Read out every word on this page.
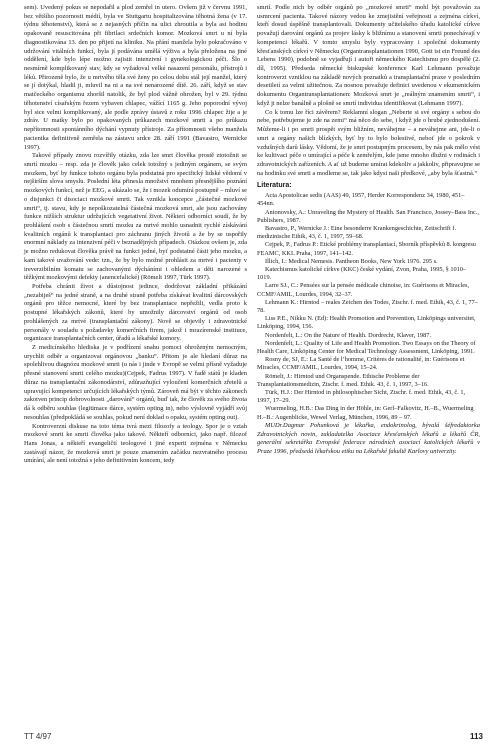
sem). Uvedený pokus se nepodařil a plod zemřel in utero. Ovšem již v červnu 1991, bez většího pozornosti médií, byla ve Stuttgartu hospitalizována těhotná žena (v 17. týdnu těhotenství), která se z nejasných příčin na ulici zhroutila a byla asi hodinu opakovaně resuscitována při fibrilaci srdečních komor. Mozková smrt u ní byla diagnostikována 13. den po přijetí na kliniku. Na přání manžela bylo pokračováno v udržování vitálních funkcí, byla jí podávána umělá výživa a byla přeložena na jiné oddělení, kde bylo lépe možno zajistit intenzivní i gynekologickou péči. Šlo o nesmírně komplikovaný stav, kdy se vyžadoval velké nasazení personálu, přístrojů i léků. Přirozeně bylo, že u mrtvého těla své ženy po celou dobu stál její manžel, který se jí dotýkal, hladil ji, mluvil na ni a na své nenarozené dítě. 26. září, když se stav matčeckého organismu zhoršil natolik, že byl plod vážně ohrožen, byl v 29. týdnu těhotenství císařským řezem vybaven chlapec, vážící 1165 g. Jeho poporodní vývoj byl sice velmi komplikovaný, ale podle zprávy ústavů z roku 1996 chlapec žije a je zdráv. U matky bylo po opakovaných průkazech mozkové smrti a po průkazu nepřítomnosti spontánního dýchání vypnuty přístroje. Za přítomnosti všeho manžela pacientka definitivně zemřela na zástavu srdce 28. září 1991 (Bavastro, Wernicke 1997).

Takové případy znovu rozvířily otázku, zda lze smrt člověka prostě ztotožnit se smrtí mozku – resp. zda je člověk jako celek totožný s jediným orgánem, se svým mozkem, byť by funkce tohoto orgánu byla podstatná pro specifický lidské vědomí v nejširším slova smyslu. Poslední léta přinesla množství mnohem přesnějšího poznání mozkových funkcí, než je EEG, a ukázalo se, že i mozek odumírá postupně – mluví se o disjunkci či disociaci mozkové smrti. Tak vznikla koncepce „částečné mozkové smrti“, tj. stavu, kdy je nepoškozatelná částečná mozková smrt, ale jsou zachovány funkce nižších struktur udržujících vegetativní život. Některí odborníci soudí, že by prohlášení osob s částečnou smrtí mozku za mrtvé mohlo usnadnit rychlé získávání kvalitních orgánů k transplantaci pro záchranu jiných životů a že by se uspořily enormní náklady za intenzivní péči v beznadějných případech. Otázkou ovšem je, zda je možno redukovat člověka právě na funkci jedné, byť podstatné části jeho mozku, a kam takové uvažování vede: tzn., že by bylo možné prohlásit za mrtvé i pacienty v ireverzibilním komatu se zachovanými dýcháními i ohledem a děti narozené s těžkými mozkovými defekty (anencefalické) (Römelt 1997, Türk 1997).

Potřeba chránit život a důstojnost jedince, dodržovat základní přikázání „nezabiješ“ na jedné straně, a na druhé straně potřeba získávat kvalitní dárcovských orgánů pro těžce nemocné, které by bez transplantace nepřežili, vedla proto k postupné lékařských zákonů, které by umožnily dárcovství orgánů od osob prohlášených za mrtvé (transplantační zákony). Nově se objevily i zdravotnické personály v souladu s požadavky komerčních firem, jakož i mrazírenské instituce, organizace transplantačních center, úřadů a lékařské komory.

Z medicínského hlediska je v podřízení snahu pomoci ohroženým nemocným, urychlit odběr a organizovat orgánovou „banku“. Přitom je ale hledaní důraz na spolehlivou diagnózu mozkové smrti (u nás i jinde v Evropě se velmi přísně vyžaduje přesné stanovení smrti celého mozku)(Cejpek, Fadrus 1997). V řadě států je kladen důraz na transplantační zákonodárství, zdůrazňující vyloučení komerčních zřetelů a upravující kompetenci určujících lékařských týmů. Zároveň má být v těchto zákonech zakotven princip dobrovolnosti „darování“ orgánů, buď tak, že člověk za svého života dá k odběru souhlas (legitimace dárce, systém opting in), nebo výslovně vyjádří svůj nesouhlas (předpokládá se souhlas, pokud není doklad o opaku, systém opting out).

Kontroverzní diskuse na toto téma tvrá mezi filozofy a teology. Spor je o vztah mozkové smrti ke smrti člověka jako takové. Někteří odborníci, jako např. filozof Hans Jonas, a někteří evangeličtí teologové i jiné experti zejména v Německu zastávají názor, že mozková smrt je pouze znamením začátku nezvratného procesu umírání, ale není totožná s jeho definitivním koncem, tedy

smrtí. Podle nich by odběr orgánů po „mozkové smrti“ mohl být považován za usmrcení pacienta. Takové názory vedou ke zmejistění veřejnosti a zejména církví, kteří dosud úspěšně transplantovali. Dokumenty učitelského úřadu katolické církve považují darování orgánů za projev lásky k bližnímu a stanovení smrti ponechávají v kompetenci lékařů. V tomto smyslu byly vypracovány i společné dokumenty křesťanských církví v Německu (Organtransplantationen 1990, Gott ist ein Freund des Lebens 1990), podobně se vyjadřují i autoři německého Katechismu pro dospělé (2. díl, 1995). Předseda německé biskupské konference Karl Lehmann považuje kontroverzi vzniklou na základě nových poznatků a transplantační praxe v posledním desetiletí za velmi užitečnou. Za nosnou považuje definici uvedenou v ekumenickém dokumentu Organtransplantationen: Mozková smrt je „reálným znamením smrti“, i když ji nelze banálně a plošně se smrtí individua identifikovat (Lehmann 1997).

Co k tomu lze říci závěrem? Reklamní slogan „Neberte si své orgány s sebou do nebe, potřebujeme je zde na zemi“ má něco do sebe, i když jde o hrubé zjednodušení. Můžeme-li i po smrti prospět svým bližním, neváhejme – a neváhejme ani, jde-li o smrt a orgány našich blízkých, byť by to bylo bolestivé, neboť jde o pokrok v vzdušných darů lásky. Vědomí, že je smrt postupným procesem, by nás pak mělo vést ke kultivaci péče o umírající a péče k zemřelým, kde jsme mnoho dlužni v rodinách i zdravotnických zařízeních. A ať už budeme umírat kdekoliv a jakkoliv, připravujme se na hodinku své smrti a modleme se, tak jako kdysi naši předkové, „aby byla šťastná.“

Literatura:

Acta Apostolicae sedis (AAS) 49, 1957, Herder Korrespondenz 34, 1980, 451–454nn.

Antonovsky, A.: Unraveling the Mystery of Health. San Francisco, Jossey–Bass Inc., Publishers, 1987.

Bavastro, P., Wernicke J.: Eine besonderre Krankengeschichte, Zeitschrift f. medizinische Ethik, 43, č. 1, 1997, 59–68.

Cejpek, P., Fadrus P.: Etické problémy transplantací, Sborník příspěvků 8. kongresu FEAMC, KKL Praha, 1997, 141–142.

Illich, I.: Medical Nemesis. Pantheon Books, New York 1976. 295 s.

Katechismus katolické církve (KKC) české vydání, Zvon, Praha, 1995, § 1010–1019.

Larre SJ., C.: Pensées sur la pensée médicale chinoise, in: Guérisons et Miracles, CCMF/AMIL, Lourdes, 1994, 32–37.

Lehmann K.: Hirntod – reales Zeichen des Todes, Ztschr. f. med. Ethik, 43, č. 1, 77–78.

Liss P.E., Nikku N. (Ed): Health Promotion and Prevention, Linköpings universitet, Linköping, 1994, 156.

Nordenfelt, L.: On the Nature of Health. Dordrecht, Klaver, 1987.

Nordenfelt, L.: Quality of Life and Health Promotion. Two Essays on the Theory of Health Care, Linköping Center for Medical Technology Assessment, Linköping, 1991.

Rosny de, SJ, E.: La Santé de l’homme, Critères de rationalité, in: Guérisons et Miracles, CCMF/AMIL, Lourdes, 1994, 15–24.

Römelt, J.: Hirntod und Organspende. Ethische Probleme der Transplantationsmedizin, Ztschr. f. med. Ethik. 43, č. 1, 1997, 3–16.

Türk, H.J.: Der Hirntod in philosophischer Sicht, Ztschr. f. med. Ethik, 43, č. 1, 1997, 17–29.

Wuermeling, H.B.: Das Ding in der Höhle, in: Gerl–Falkovitz, H.–B., Wuermeling H.–B.: Augenblicke, Wewel Verlag, München, 1996, 89 – 97.

MUDr.Dagmar Pohunková je lékařka, endokrinolog, bývalá šéfredaktorka Zdravotnických novin, zakladatelka Asociace křesťanských lékařů a lékařů ČR, generální sekretářka Evropské federace národních asociací katolických lékařů v Praze 1996, předsedá lékařskou etiku na Lékařské fakultě Karlovy univerzity.

TT 4/97	113
